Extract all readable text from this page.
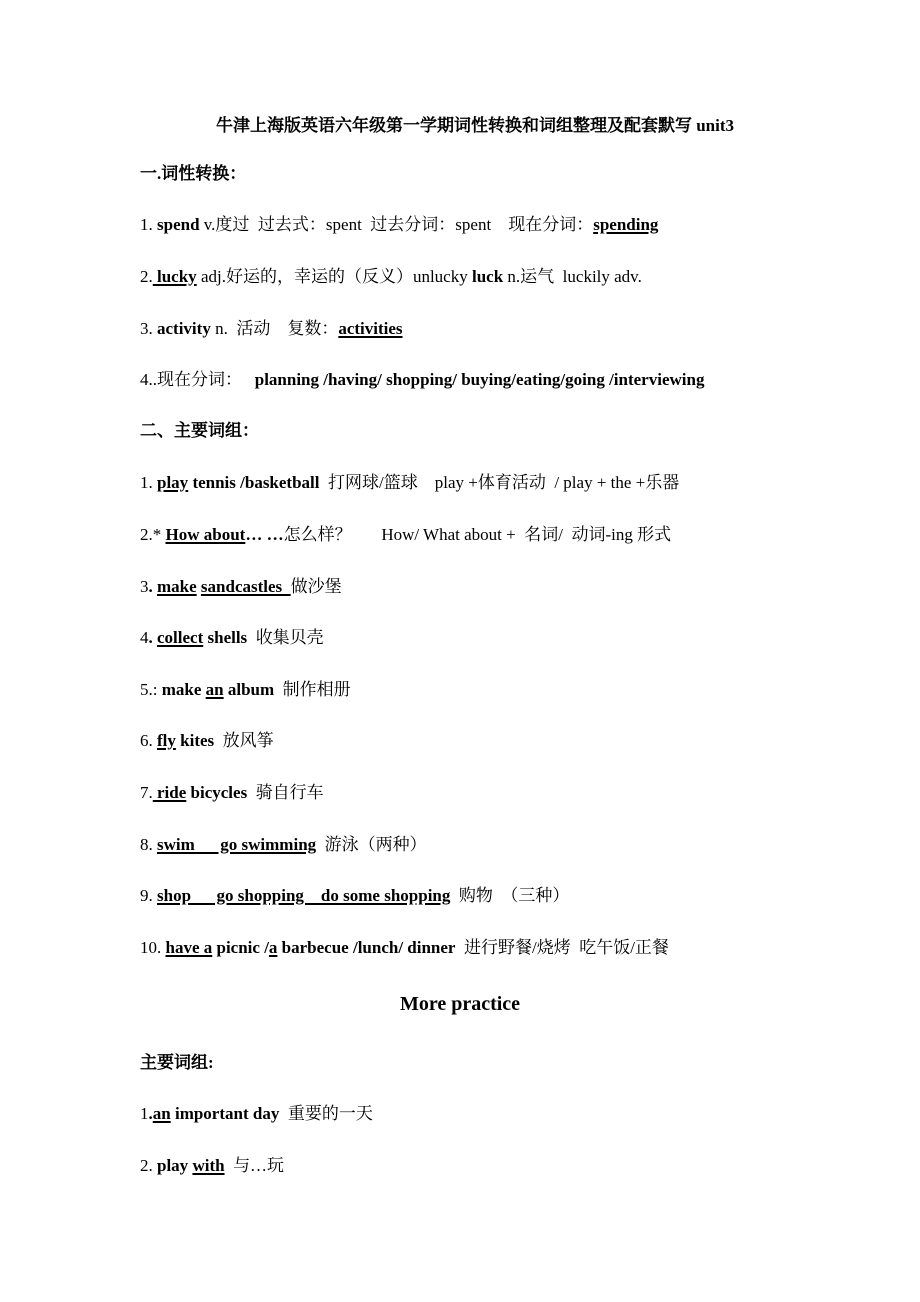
牛津上海版英语六年级第一学期词性转换和词组整理及配套默写 unit3
一.词性转换：
1. spend v.度过  过去式：spent  过去分词：spent    现在分词：spending
2. lucky adj.好运的，幸运的（反义）unlucky luck n.运气  luckily adv.
3. activity n.  活动    复数：activities
4..现在分词：   planning /having/ shopping/ buying/eating/going /interviewing
二、主要词组：
1. play tennis /basketball  打网球/篮球    play +体育活动  / play + the +乐器
2.* How about… …怎么样？       How/ What about +  名词/  动词-ing 形式
3. make sandcastles  做沙堡
4. collect shells  收集贝壳
5.: make an album  制作相册
6. fly kites  放风筝
7. ride bicycles  骑自行车
8. swim      go swimming  游泳（两种）
9. shop      go shopping    do some shopping  购物  （三种）
10. have a picnic /a barbecue /lunch/ dinner  进行野餐/烧烤  吃午饭/正餐
More practice
主要词组:
1.an important day  重要的一天
2. play with  与…玩
